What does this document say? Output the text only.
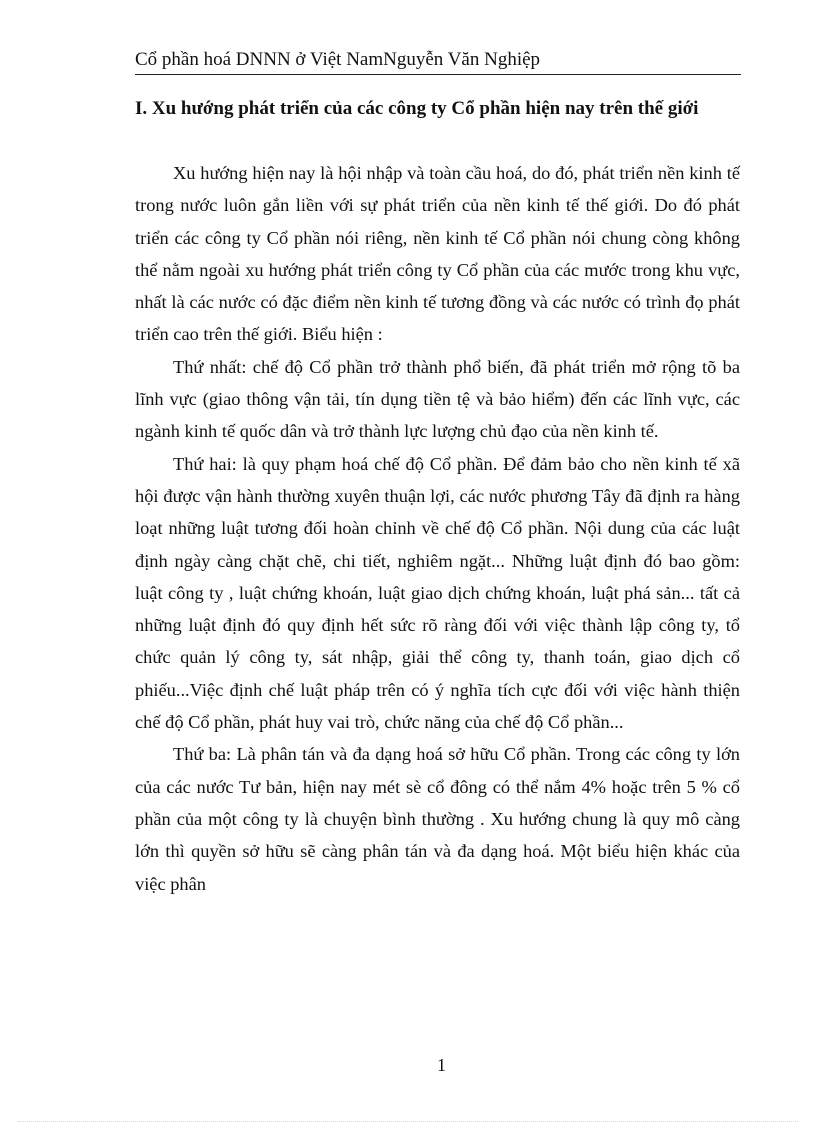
Cổ phần hoá DNNN ở Việt NamNguyễn Văn Nghiệp
I. Xu hướng phát triển của các công ty Cổ phần hiện nay trên thế giới

Xu hướng hiện nay là hội nhập và toàn cầu hoá, do đó, phát triển nền kinh tế trong nước luôn gắn liền với sự phát triển của nền kinh tế thế giới. Do đó phát triển các công ty Cổ phần nói riêng, nền kinh tế Cổ phần nói chung còng không thể nằm ngoài xu hướng phát triển công ty Cổ phần của các mước trong khu vực, nhất là các nước có đặc điểm nền kinh tế tương đồng và các nước có trình đọ phát triển cao trên thế giới. Biểu hiện :

Thứ nhất: chế độ Cổ phần trở thành phổ biến, đã phát triển mở rộng tõ ba lĩnh vực (giao thông vận tải, tín dụng tiền tệ và bảo hiểm) đến các lĩnh vực, các ngành kinh tế quốc dân và trở thành lực lượng chủ đạo của nền kinh tế.

Thứ hai: là quy phạm hoá chế độ Cổ phần. Để đảm bảo cho nền kinh tế xã hội được vận hành thường xuyên thuận lợi, các nước phương Tây đã định ra hàng loạt những luật tương đối hoàn chỉnh về chế độ Cổ phần. Nội dung của các luật định ngày càng chặt chẽ, chi tiết, nghiêm ngặt... Những luật định đó bao gồm: luật công ty , luật chứng khoán, luật giao dịch chứng khoán, luật phá sản... tất cả những luật định đó quy định hết sức rõ ràng đối với việc thành lập công ty, tổ chức quản lý công ty, sát nhập, giải thể công ty, thanh toán, giao dịch cổ phiếu...Việc định chế luật pháp trên có ý nghĩa tích cực đối với việc hành thiện chế độ Cổ phần, phát huy vai trò, chức năng của chế độ Cổ phần...

Thứ ba: Là phân tán và đa dạng hoá sở hữu Cổ phần. Trong các công ty lớn của các nước Tư bản, hiện nay mét sè cổ đông có thể nắm 4% hoặc trên 5 % cổ phần của một công ty là chuyện bình thường . Xu hướng chung là quy mô càng lớn thì quyền sở hữu sẽ càng phân tán và đa dạng hoá. Một biểu hiện khác của việc phân

1
